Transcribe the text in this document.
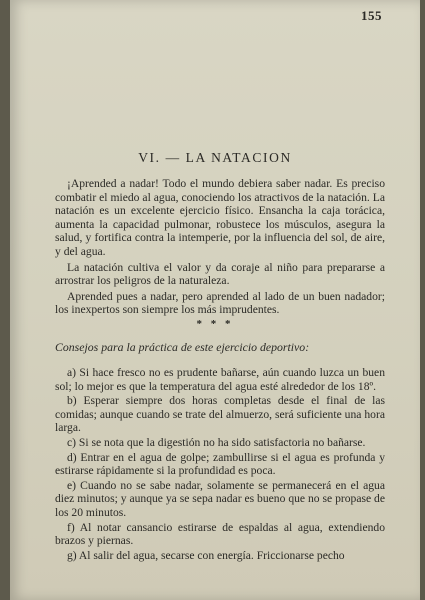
155
VI. — LA NATACION

¡Aprended a nadar! Todo el mundo debiera saber nadar. Es preciso combatir el miedo al agua, conociendo los atractivos de la natación. La natación es un excelente ejercicio físico. Ensancha la caja torácica, aumenta la capacidad pulmonar, robustece los músculos, asegura la salud, y fortifica contra la intemperie, por la influencia del sol, de aire, y del agua.

La natación cultiva el valor y da coraje al niño para prepararse a arrostrar los peligros de la naturaleza.

Aprended pues a nadar, pero aprended al lado de un buen nadador; los inexpertos son siempre los más imprudentes.

* * *
Consejos para la práctica de este ejercicio deportivo:

a) Si hace fresco no es prudente bañarse, aún cuando luzca un buen sol; lo mejor es que la temperatura del agua esté alrededor de los 18º.

b) Esperar siempre dos horas completas desde el final de las comidas; aunque cuando se trate del almuerzo, será suficiente una hora larga.

c) Si se nota que la digestión no ha sido satisfactoria no bañarse.

d) Entrar en el agua de golpe; zambullirse si el agua es profunda y estirarse rápidamente si la profundidad es poca.

e) Cuando no se sabe nadar, solamente se permanecerá en el agua diez minutos; y aunque ya se sepa nadar es bueno que no se propase de los 20 minutos.

f) Al notar cansancio estirarse de espaldas al agua, extendiendo brazos y piernas.

g) Al salir del agua, secarse con energía. Friccionarse pecho
